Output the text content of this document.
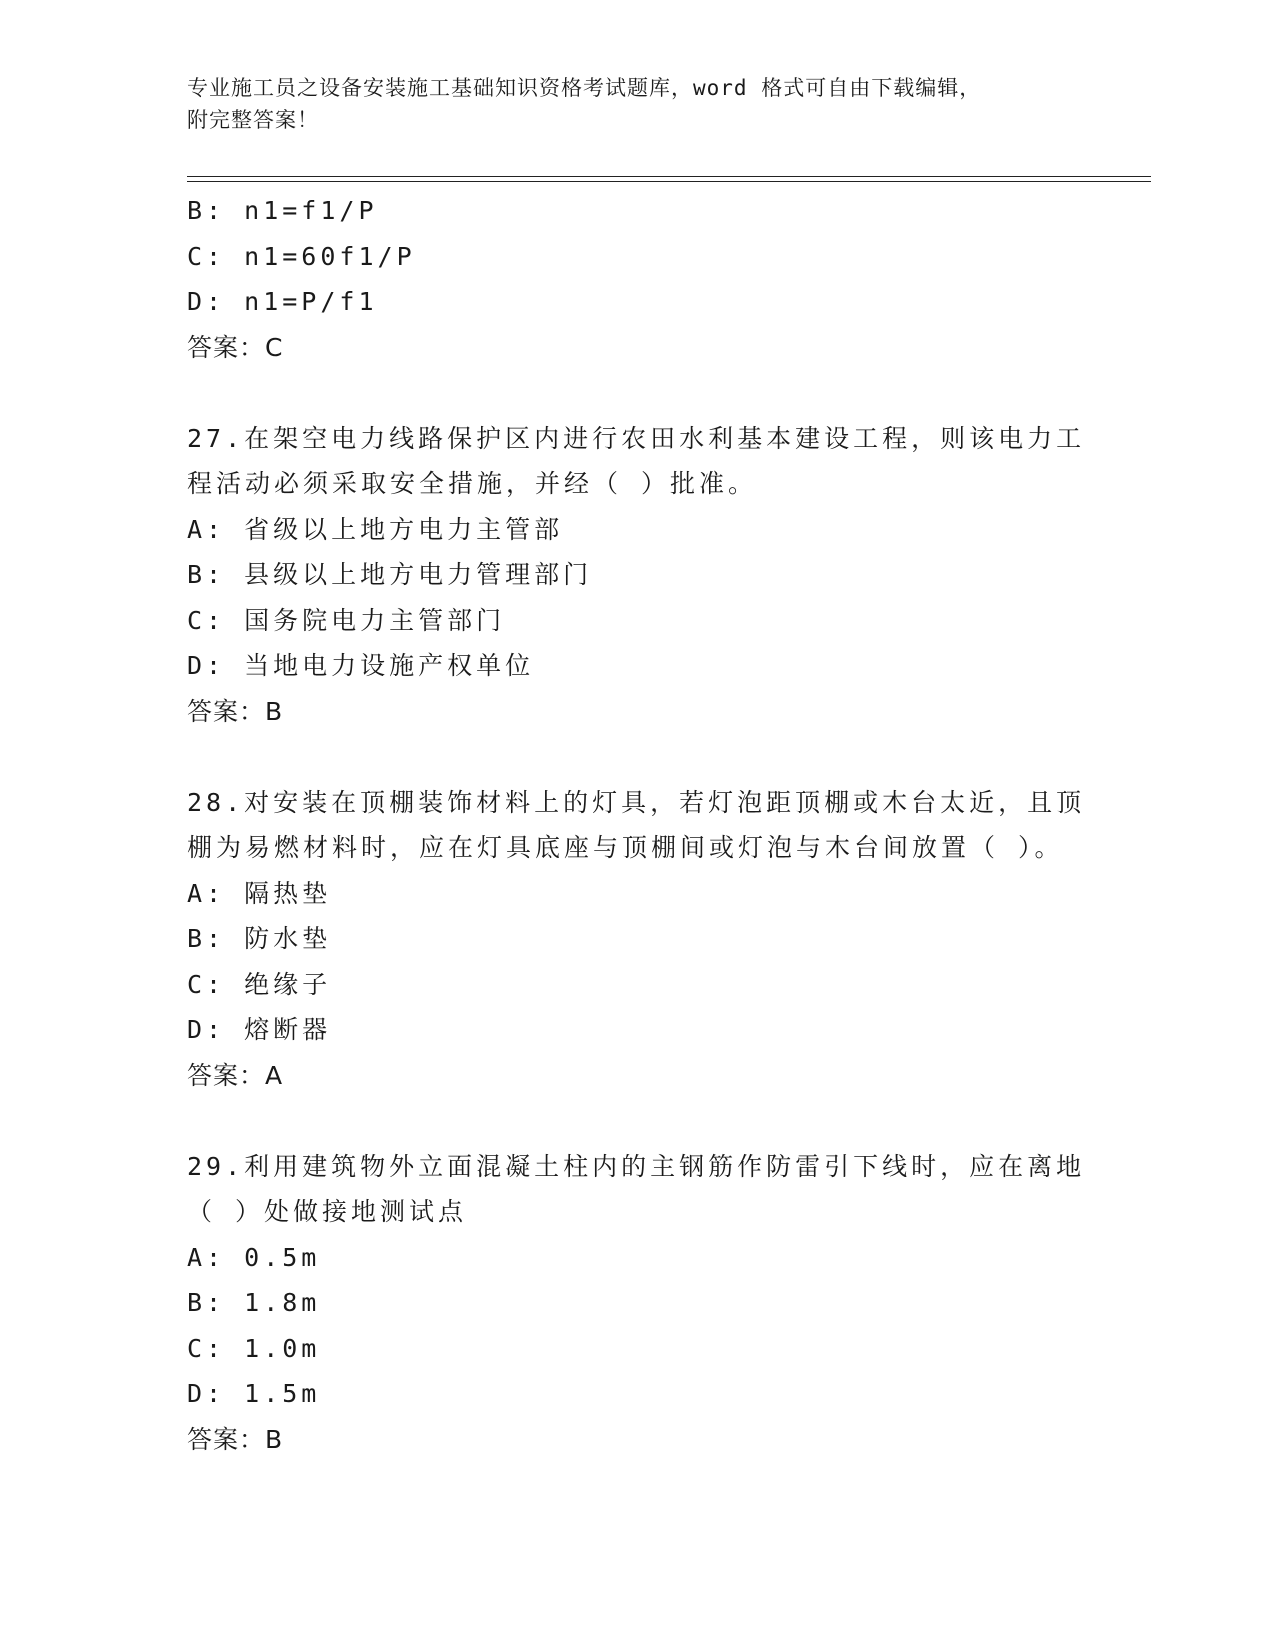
专业施工员之设备安装施工基础知识资格考试题库，word 格式可自由下载编辑，
附完整答案！
B: n1=f1/P
C: n1=60f1/P
D: n1=P/f1
答案：C
27.在架空电力线路保护区内进行农田水利基本建设工程，则该电力工
程活动必须采取安全措施，并经（ ）批准。
A: 省级以上地方电力主管部
B: 县级以上地方电力管理部门
C: 国务院电力主管部门
D: 当地电力设施产权单位
答案：B
28.对安装在顶棚装饰材料上的灯具，若灯泡距顶棚或木台太近，且顶
棚为易燃材料时，应在灯具底座与顶棚间或灯泡与木台间放置（ ）。
A: 隔热垫
B: 防水垫
C: 绝缘子
D: 熔断器
答案：A
29.利用建筑物外立面混凝土柱内的主钢筋作防雷引下线时，应在离地
（ ）处做接地测试点
A: 0.5m
B: 1.8m
C: 1.0m
D: 1.5m
答案：B
